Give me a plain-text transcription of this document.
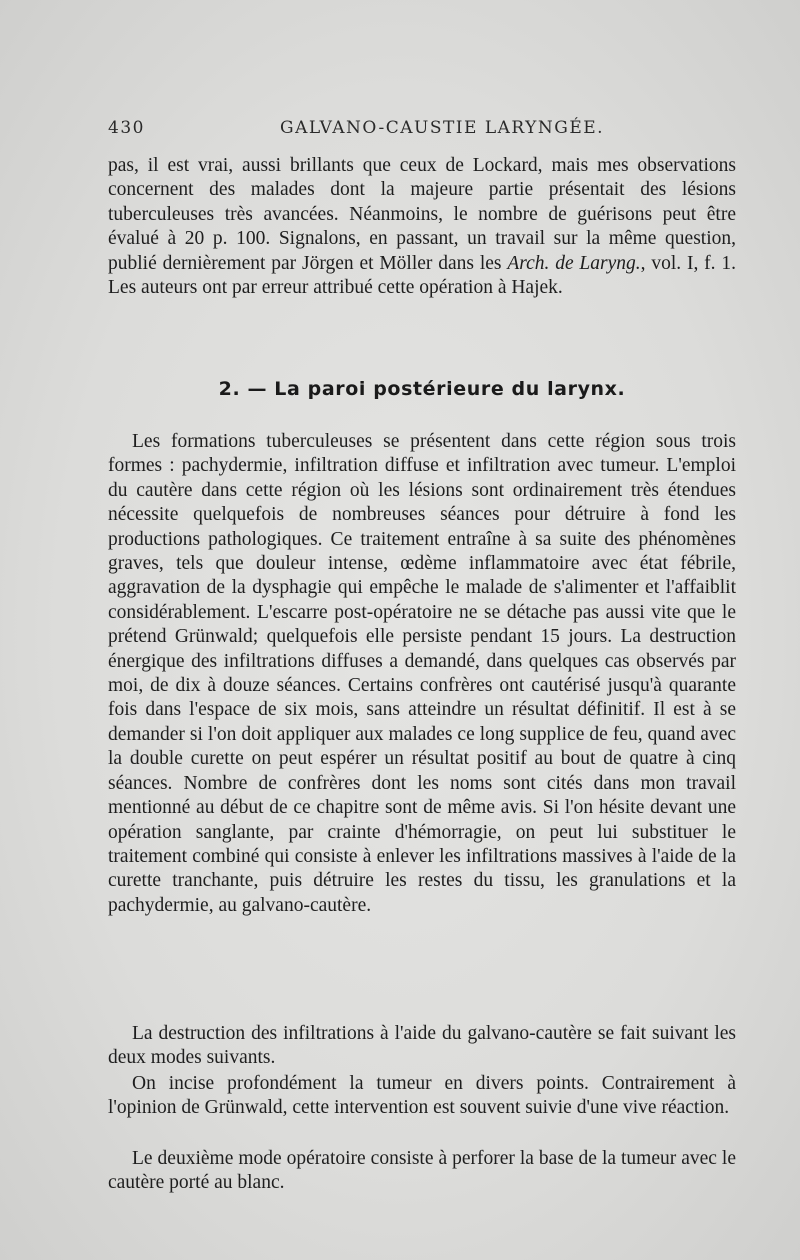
430	GALVANO-CAUSTIE LARYNGÉE.

pas, il est vrai, aussi brillants que ceux de Lockard, mais mes observations concernent des malades dont la majeure partie présentait des lésions tuberculeuses très avancées. Néanmoins, le nombre de guérisons peut être évalué à 20 p. 100. Signalons, en passant, un travail sur la même question, publié dernièrement par Jörgen et Möller dans les Arch. de Laryng., vol. I, f. 1. Les auteurs ont par erreur attribué cette opération à Hajek.

2. — La paroi postérieure du larynx.

Les formations tuberculeuses se présentent dans cette région sous trois formes : pachydermie, infiltration diffuse et infiltration avec tumeur. L'emploi du cautère dans cette région où les lésions sont ordinairement très étendues nécessite quelquefois de nombreuses séances pour détruire à fond les productions pathologiques. Ce traitement entraîne à sa suite des phénomènes graves, tels que douleur intense, œdème inflammatoire avec état fébrile, aggravation de la dysphagie qui empêche le malade de s'alimenter et l'affaiblit considérablement. L'escarre post-opératoire ne se détache pas aussi vite que le prétend Grünwald; quelquefois elle persiste pendant 15 jours. La destruction énergique des infiltrations diffuses a demandé, dans quelques cas observés par moi, de dix à douze séances. Certains confrères ont cautérisé jusqu'à quarante fois dans l'espace de six mois, sans atteindre un résultat définitif. Il est à se demander si l'on doit appliquer aux malades ce long supplice de feu, quand avec la double curette on peut espérer un résultat positif au bout de quatre à cinq séances. Nombre de confrères dont les noms sont cités dans mon travail mentionné au début de ce chapitre sont de même avis. Si l'on hésite devant une opération sanglante, par crainte d'hémorragie, on peut lui substituer le traitement combiné qui consiste à enlever les infiltrations massives à l'aide de la curette tranchante, puis détruire les restes du tissu, les granulations et la pachydermie, au galvano-cautère.

La destruction des infiltrations à l'aide du galvano-cautère se fait suivant les deux modes suivants.

On incise profondément la tumeur en divers points. Contrairement à l'opinion de Grünwald, cette intervention est souvent suivie d'une vive réaction.

Le deuxième mode opératoire consiste à perforer la base de la tumeur avec le cautère porté au blanc.
